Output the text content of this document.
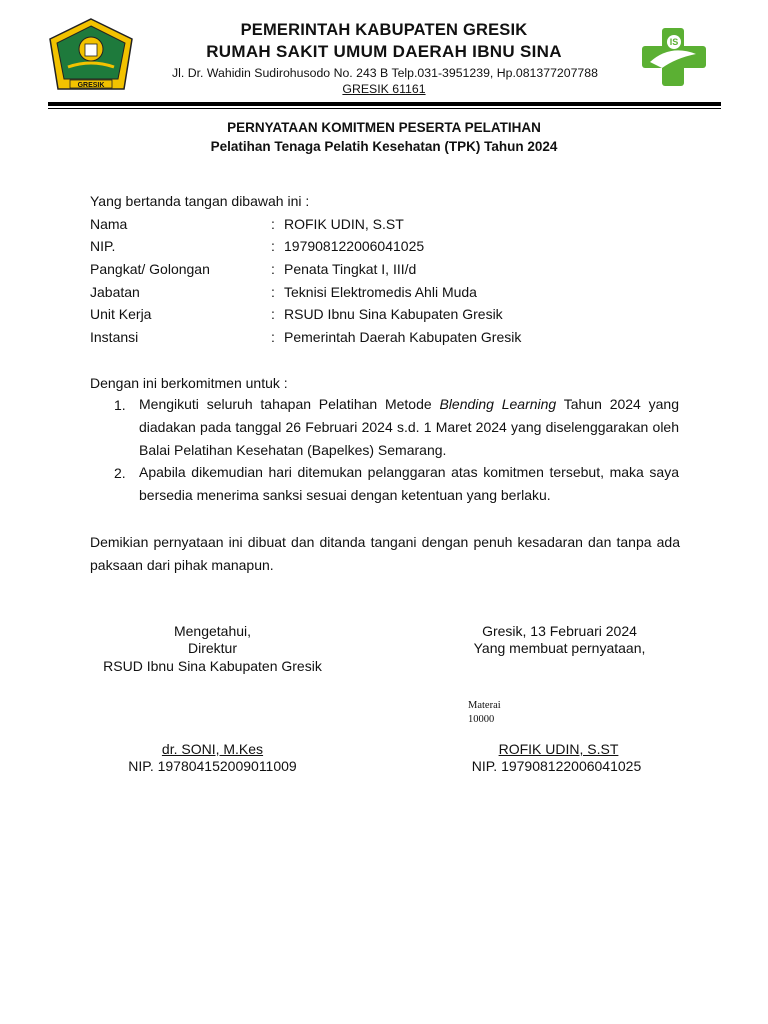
GRESIK
IS
PEMERINTAH KABUPATEN GRESIK
RUMAH SAKIT UMUM DAERAH IBNU SINA
Jl. Dr. Wahidin Sudirohusodo No. 243 B Telp.031-3951239, Hp.081377207788
GRESIK 61161
PERNYATAAN KOMITMEN PESERTA PELATIHAN
Pelatihan Tenaga Pelatih Kesehatan (TPK) Tahun 2024
Yang bertanda tangan dibawah ini :
Nama	: ROFIK UDIN, S.ST
NIP.	: 197908122006041025
Pangkat/ Golongan	: Penata Tingkat I, III/d
Jabatan	: Teknisi Elektromedis Ahli Muda
Unit Kerja	: RSUD Ibnu Sina Kabupaten Gresik
Instansi	: Pemerintah Daerah Kabupaten Gresik
Dengan ini berkomitmen untuk :
1. Mengikuti seluruh tahapan Pelatihan Metode Blending Learning Tahun 2024 yang diadakan pada tanggal 26 Februari 2024 s.d. 1 Maret 2024 yang diselenggarakan oleh Balai Pelatihan Kesehatan (Bapelkes) Semarang.
2. Apabila dikemudian hari ditemukan pelanggaran atas komitmen tersebut, maka saya bersedia menerima sanksi sesuai dengan ketentuan yang berlaku.
Demikian pernyataan ini dibuat dan ditanda tangani dengan penuh kesadaran dan tanpa ada paksaan dari pihak manapun.
Mengetahui,
Direktur
RSUD Ibnu Sina Kabupaten Gresik
dr. SONI, M.Kes
NIP. 197804152009011009
Gresik, 13 Februari 2024
Yang membuat pernyataan,
Materai
10000
ROFIK UDIN, S.ST
NIP. 197908122006041025
